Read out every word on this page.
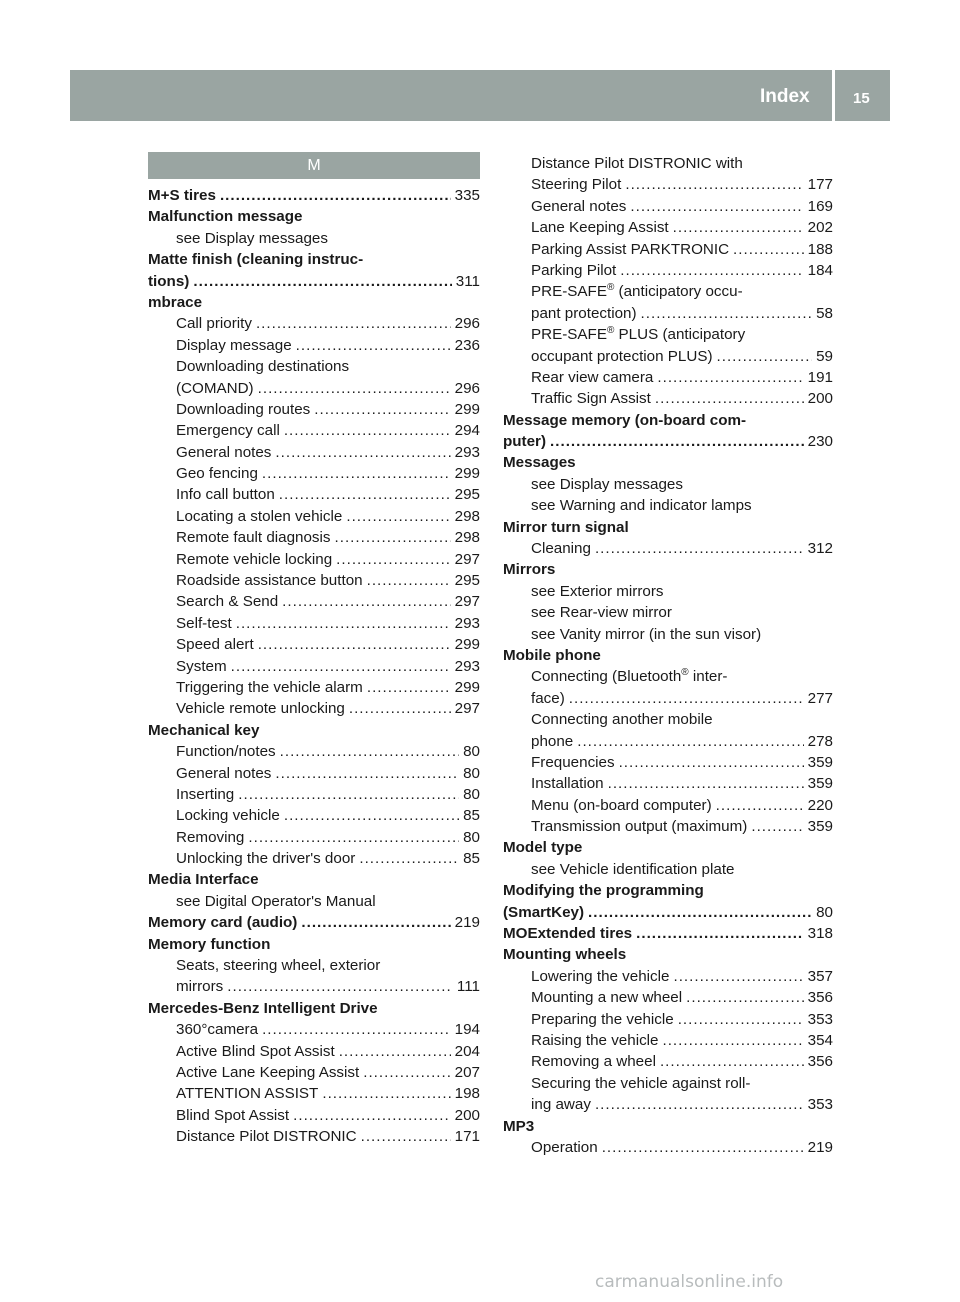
Index	15
M
M+S tires .....	335
Malfunction message
see Display messages
Matte finish (cleaning instruc-
tions) .....	311
mbrace
Call priority .....	296
Display message .....	236
Downloading destinations
(COMAND) .....	296
Downloading routes .....	299
Emergency call .....	294
General notes .....	293
Geo fencing .....	299
Info call button .....	295
Locating a stolen vehicle .....	298
Remote fault diagnosis .....	298
Remote vehicle locking .....	297
Roadside assistance button .....	295
Search & Send .....	297
Self-test .....	293
Speed alert .....	299
System .....	293
Triggering the vehicle alarm .....	299
Vehicle remote unlocking .....	297
Mechanical key
Function/notes .....	80
General notes .....	80
Inserting .....	80
Locking vehicle .....	85
Removing .....	80
Unlocking the driver's door .....	85
Media Interface
see Digital Operator's Manual
Memory card (audio) .....	219
Memory function
Seats, steering wheel, exterior
mirrors .....	111
Mercedes-Benz Intelligent Drive
360°camera .....	194
Active Blind Spot Assist .....	204
Active Lane Keeping Assist .....	207
ATTENTION ASSIST .....	198
Blind Spot Assist .....	200
Distance Pilot DISTRONIC .....	171
Distance Pilot DISTRONIC with
Steering Pilot .....	177
General notes .....	169
Lane Keeping Assist .....	202
Parking Assist PARKTRONIC .....	188
Parking Pilot .....	184
PRE-SAFE® (anticipatory occu-
pant protection) .....	58
PRE-SAFE® PLUS (anticipatory
occupant protection PLUS) .....	59
Rear view camera .....	191
Traffic Sign Assist .....	200
Message memory (on-board com-
puter) .....	230
Messages
see Display messages
see Warning and indicator lamps
Mirror turn signal
Cleaning .....	312
Mirrors
see Exterior mirrors
see Rear-view mirror
see Vanity mirror (in the sun visor)
Mobile phone
Connecting (Bluetooth® inter-
face) .....	277
Connecting another mobile
phone .....	278
Frequencies .....	359
Installation .....	359
Menu (on-board computer) .....	220
Transmission output (maximum) .....	359
Model type
see Vehicle identification plate
Modifying the programming
(SmartKey) .....	80
MOExtended tires .....	318
Mounting wheels
Lowering the vehicle .....	357
Mounting a new wheel .....	356
Preparing the vehicle .....	353
Raising the vehicle .....	354
Removing a wheel .....	356
Securing the vehicle against roll-
ing away .....	353
MP3
Operation .....	219
carmanualsonline.info
